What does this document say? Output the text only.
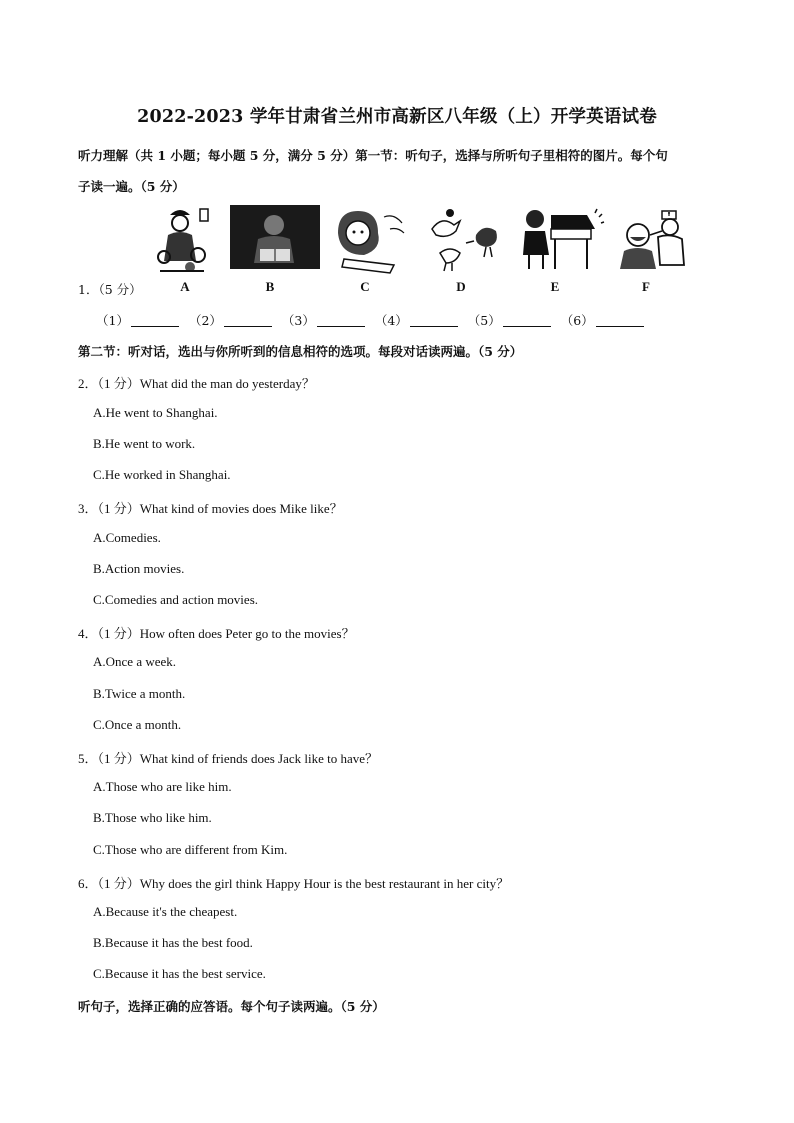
2022-2023 学年甘肃省兰州市高新区八年级（上）开学英语试卷
听力理解（共 1 小题；每小题 5 分，满分 5 分）第一节：听句子，选择与所听句子里相符的图片。每个句
子读一遍。（5 分）
A	B	C	D	E	F
1．（5 分）
（1）	（2）	（3）	（4）	（5）	（6）
第二节：听对话，选出与你所听到的信息相符的选项。每段对话读两遍。（5 分）
2．（1 分）What did the man do yesterday？
A.He went to Shanghai.
B.He went to work.
C.He worked in Shanghai.
3．（1 分）What kind of movies does Mike like？
A.Comedies.
B.Action movies.
C.Comedies and action movies.
4．（1 分）How often does Peter go to the movies？
A.Once a week.
B.Twice a month.
C.Once a month.
5．（1 分）What kind of friends does Jack like to have？
A.Those who are like him.
B.Those who like him.
C.Those who are different from Kim.
6．（1 分）Why does the girl think Happy Hour is the best restaurant in her city？
A.Because it's the cheapest.
B.Because it has the best food.
C.Because it has the best service.
听句子，选择正确的应答语。每个句子读两遍。（5 分）
